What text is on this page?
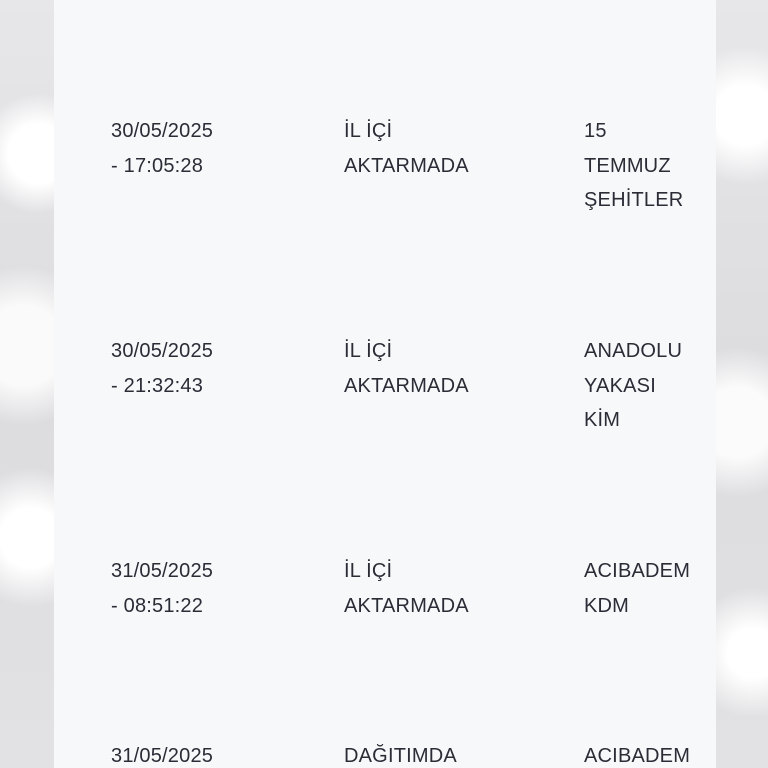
30/05/2025
- 17:05:28
İL İÇİ
AKTARMADA
15
TEMMUZ
ŞEHİTLER
30/05/2025
- 21:32:43
İL İÇİ
AKTARMADA
ANADOLU
YAKASI
KİM
31/05/2025
- 08:51:22
İL İÇİ
AKTARMADA
ACIBADEM
KDM
31/05/2025	DAĞITIMDA	ACIBADEM
